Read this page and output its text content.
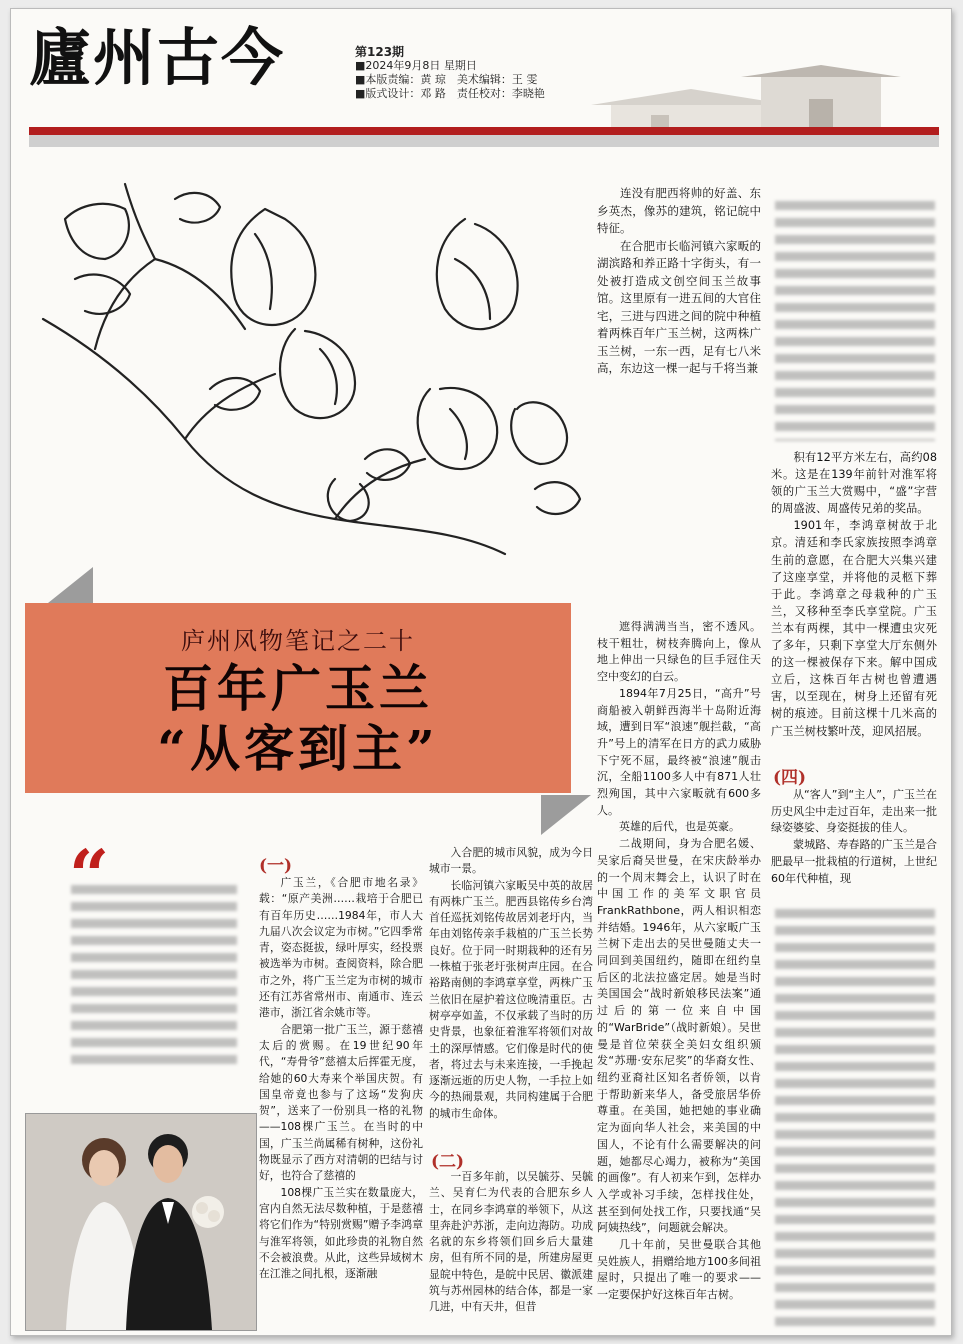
廬州古今	第123期
■2024年9月8日 星期日
■本版责编：黄 琼　美术编辑：王 雯
■版式设计：邓 路　责任校对：李晓艳
庐州风物笔记之二十
百年广玉兰
“从客到主”

连没有肥西将帅的好盖、东乡英杰，像苏的建筑，铭记皖中特征。

在合肥市长临河镇六家畈的湖滨路和养正路十字街头，有一处被打造成文创空间玉兰故事馆。这里原有一进五间的大官住宅，三进与四进之间的院中种植着两株百年广玉兰树，这两株广玉兰树，一东一西，足有七八米高，东边这一棵一起与千将当兼

积有12平方米左右，高约08米。这是在139年前针对淮军将领的广玉兰大赏赐中，“盛”字营的周盛波、周盛传兄弟的奖品。

1901年，李鸿章树故于北京。清廷和李氏家族按照李鸿章生前的意愿，在合肥大兴集兴建了这座享堂，并将他的灵柩下葬于此。李鸿章之母栽种的广玉兰，又移种至李氏享堂院。广玉兰本有两棵，其中一棵遭虫灾死了多年，只剩下享堂大厅东侧外的这一棵被保存下来。解中国成立后，这株百年古树也曾遭遇害，以至现在，树身上还留有死树的痕迹。目前这棵十几米高的广玉兰树枝繁叶茂，迎风招展。

(四)

从“客人”到“主人”，广玉兰在历史风尘中走过百年，走出来一批绿姿婆娑、身姿挺拔的佳人。

蒙城路、寿春路的广玉兰是合肥最早一批栽植的行道树，上世纪60年代种植，现

遮得满满当当，密不透风。枝干粗壮，树枝奔腾向上，像从地上伸出一只绿色的巨手冠住天空中变幻的白云。

1894年7月25日，“高升”号商船被入朝鲜西海半十岛附近海域，遭到日军“浪速”舰拦截，“高升”号上的清军在日方的武力威胁下宁死不屈，最终被“浪速”舰击沉，全船1100多人中有871人壮烈殉国，其中六家畈就有600多人。

英雄的后代，也是英豪。

二战期间，身为合肥名媛、吴家后裔吴世曼，在宋庆龄举办的一个周末舞会上，认识了时在中国工作的美军文职官员FrankRathbone，两人相识相恋并结婚。1946年，从六家畈广玉兰树下走出去的吴世曼随丈夫一同回到美国纽约，随即在纽约皇后区的北法拉盛定居。她是当时美国国会“战时新娘移民法案”通过后的第一位来自中国的“WarBride”（战时新娘）。吴世曼是首位荣获全美妇女组织颁发“苏珊·安东尼奖”的华裔女性、纽约亚裔社区知名者侨领，以肯于帮助新来华人，备受旅居华侨尊重。在美国，她把她的事业确定为面向华人社会，来美国的中国人，不论有什么需要解决的问题，她都尽心竭力，被称为“美国的画像”。有人初来乍到，怎样办入学或补习手续，怎样找住处，甚至到何处找工作，只要找通“吴阿姨热线”，问题就会解决。

几十年前，吴世曼联合其他吴姓族人，捐赠给地方100多间祖屋时，只提出了唯一的要求——一定要保护好这株百年古树。

“	(一)

广玉兰，《合肥市地名录》载：“原产美洲……栽培于合肥已有百年历史……1984年，市人大九届八次会议定为市树。”它四季常青，姿态挺拔，绿叶厚实，经投票被选举为市树。查阅资料，除合肥市之外，将广玉兰定为市树的城市还有江苏省常州市、南通市、连云港市，浙江省余姚市等。

合肥第一批广玉兰，源于慈禧太后的赏赐。在19世纪90年代，“寿骨爷”慈禧太后挥霍无度，给她的60大寿来个举国庆贺。有国皇帝竟也参与了这场“发狗庆贺”，送来了一份别具一格的礼物——108棵广玉兰。在当时的中国，广玉兰尚属稀有树种，这份礼物既显示了西方对清朝的巴结与讨好，也符合了慈禧的

108棵广玉兰实在数量庞大，宫内自然无法尽数种植，于是慈禧将它们作为“特别赏赐”赠予李鸿章与淮军将领，如此珍贵的礼物自然不会被浪费。从此，这些异域树木在江淮之间扎根，逐渐融

入合肥的城市风貌，成为今日城市一景。

长临河镇六家畈吴中英的故居有两株广玉兰。肥西县铭传乡台湾首任巡抚刘铭传故居刘老圩内，当年由刘铭传亲手栽植的广玉兰长势良好。位于同一时期栽种的还有另一株植于张老圩张树声庄园。在合裕路南侧的李鸿章享堂，两株广玉兰依旧在屋护着这位晚清重臣。古树亭亭如盖，不仅承载了当时的历史背景，也象征着淮军将领们对故土的深厚情感。它们像是时代的使者，将过去与未来连接，一手挽起逐渐远逝的历史人物，一手拉上如今的热闹景观，共同构建属于合肥的城市生命体。

(二)

一百多年前，以吴毓芬、吴毓兰、吴育仁为代表的合肥东乡人士，在同乡李鸿章的举领下，从这里奔赴沪苏浙，走向边海防。功成名就的东乡将领们回乡后大量建房，但有所不同的是，所建房屋更显皖中特色，是皖中民居、徽派建筑与苏州园林的结合体，都是一家几进，中有天井，但昔
